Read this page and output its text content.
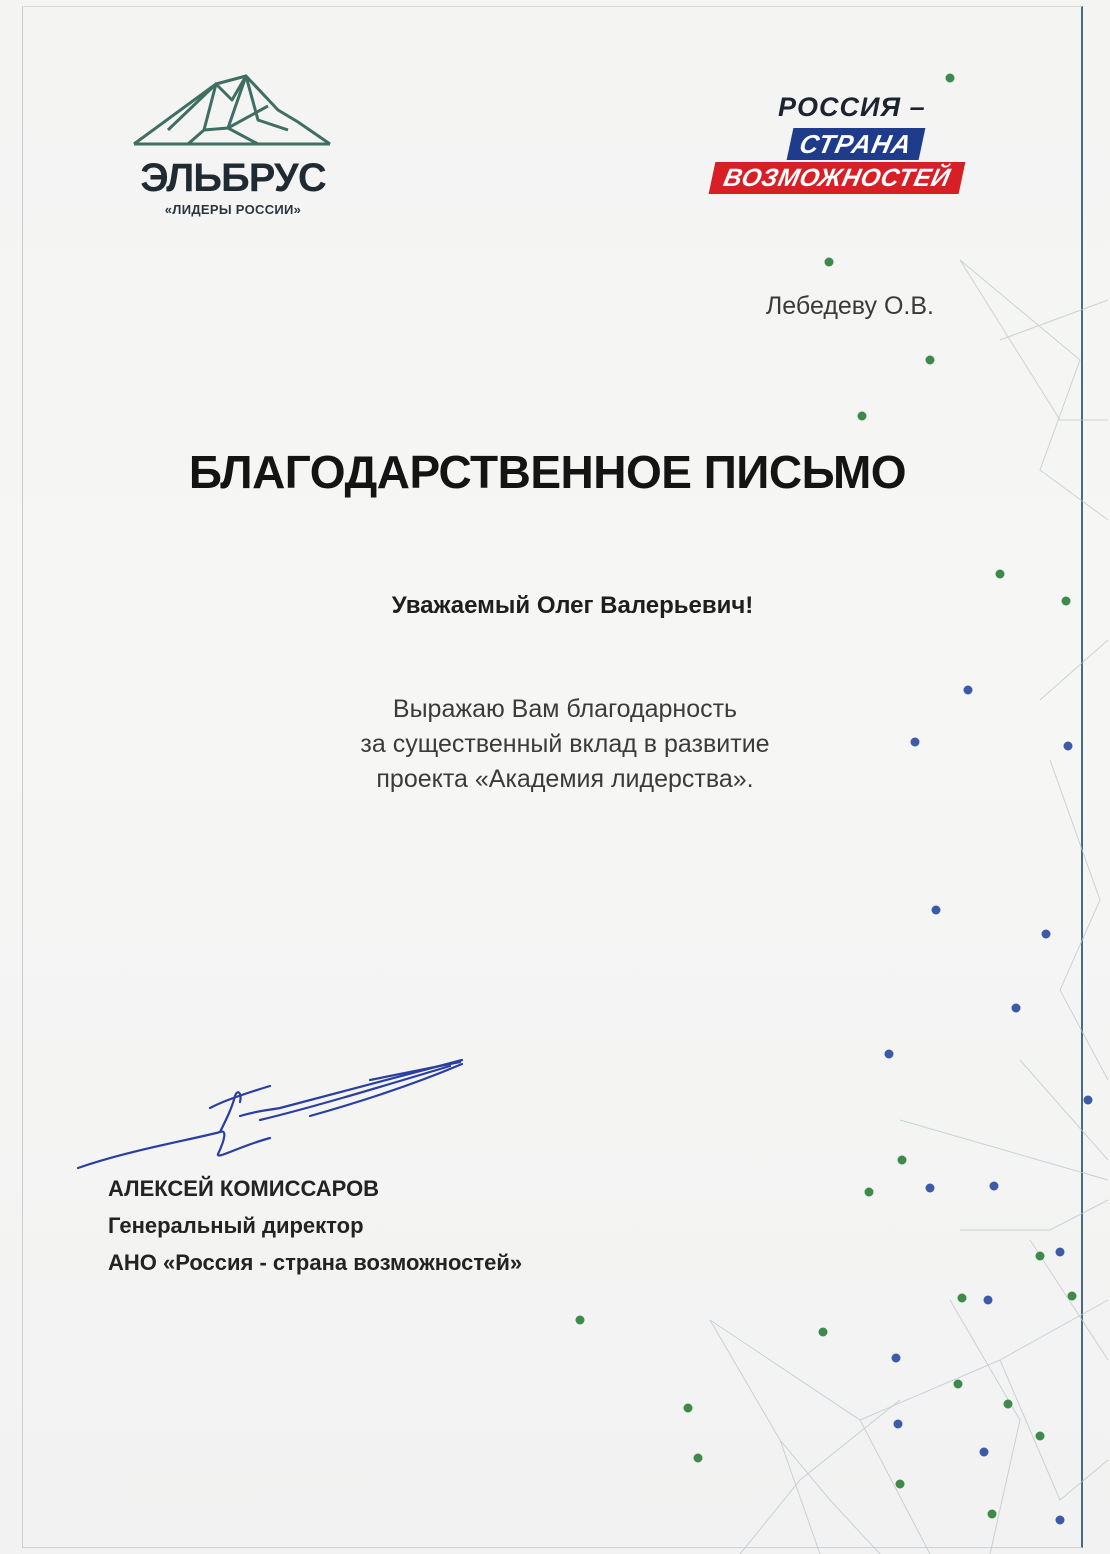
ЭЛЬБРУС
«ЛИДЕРЫ РОССИИ»
РОССИЯ –
СТРАНА
ВОЗМОЖНОСТЕЙ
Лебедеву О.В.
БЛАГОДАРСТВЕННОЕ ПИСЬМО
Уважаемый Олег Валерьевич!
Выражаю Вам благодарность
за существенный вклад в развитие
проекта «Академия лидерства».
АЛЕКСЕЙ КОМИССАРОВ
Генеральный директор
АНО «Россия - страна возможностей»
